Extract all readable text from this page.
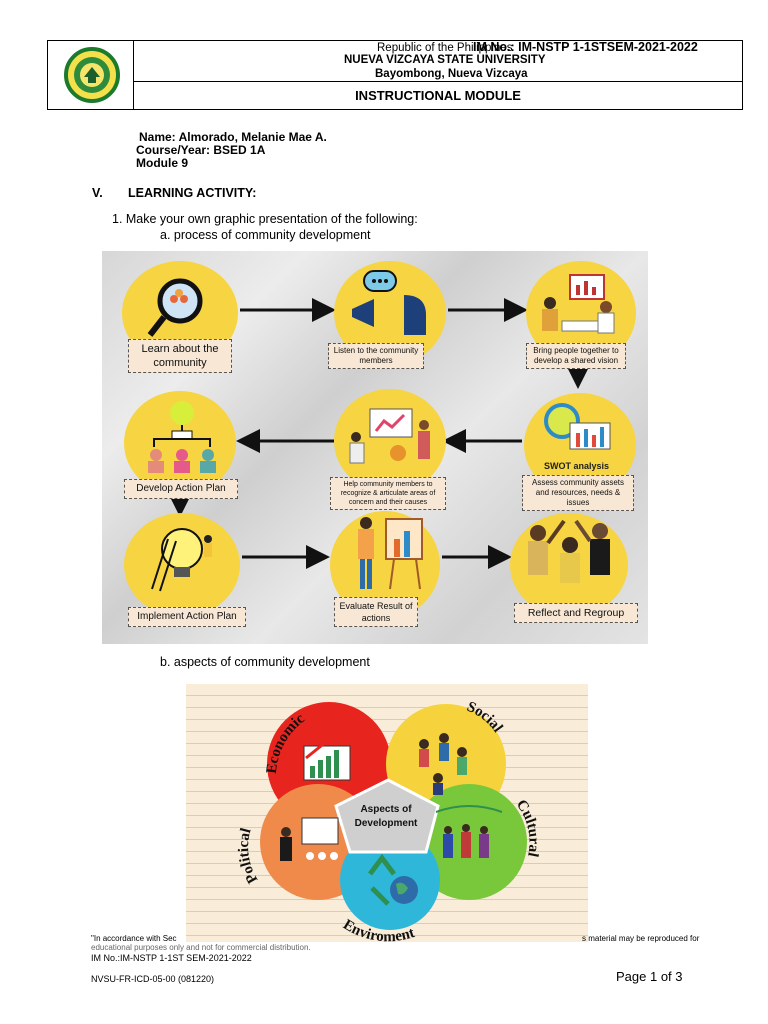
Republic of the Philippines
IM No.: IM-NSTP 1-1STSEM-2021-2022
NUEVA VIZCAYA STATE UNIVERSITY
Bayombong, Nueva Vizcaya
INSTRUCTIONAL MODULE
Name: Almorado, Melanie Mae A.
Course/Year: BSED 1A
Module 9
V. LEARNING ACTIVITY:
1. Make your own graphic presentation of the following:
a. process of community development
Learn about the community
Listen to the community members
Bring people together to develop a shared vision
SWOT analysis
Assess community assets and resources, needs & issues
Help community members to recognize & articulate areas of concern and their causes
Develop Action Plan
Implement Action Plan
Evaluate Result of actions	Reflect and Regroup
b. aspects of community development
Aspects of
Development
Economic
Social
Cultural
Enviroment
Political
"In accordance with Sec	s material may be reproduced for
educational purposes only and not for commercial distribution.
IM No.:IM-NSTP 1-1ST SEM-2021-2022
NVSU-FR-ICD-05-00 (081220)	Page 1 of 3
